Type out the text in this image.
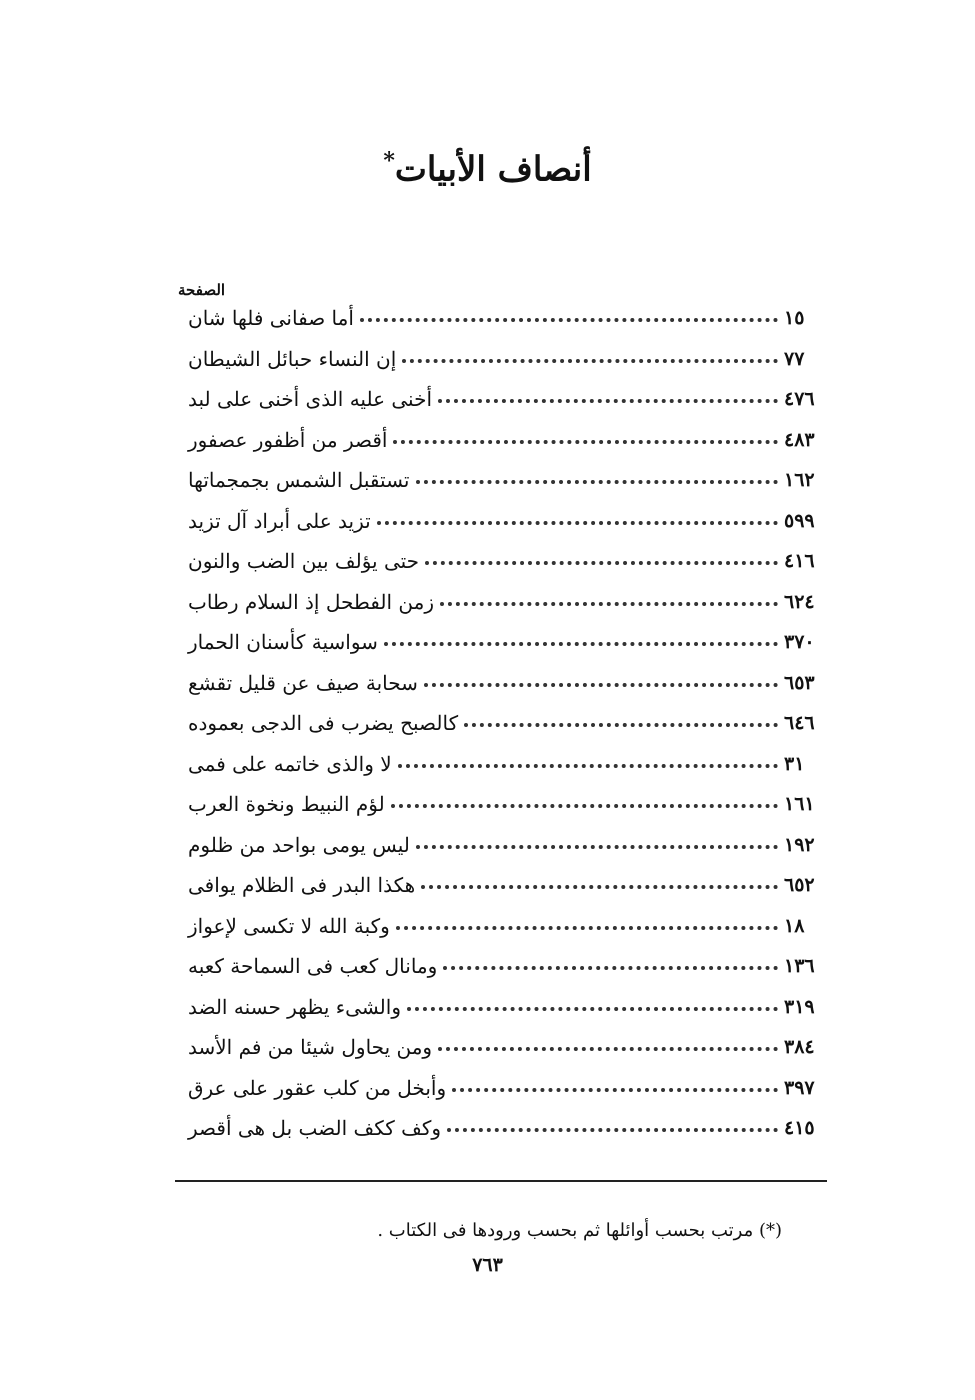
أنصاف الأبيات*
الصفحة
أما صفانى فلها شان	١٥
إن النساء حبائل الشيطان	٧٧
أخنى عليه الذى أخنى على لبد	٤٧٦
أقصر من أظفور عصفور	٤٨٣
تستقبل الشمس بجمجماتها	١٦٢
تزيد على أبراد آل تزيد	٥٩٩
حتى يؤلف بين الضب والنون	٤١٦
زمن الفطحل إذ السلام رطاب	٦٢٤
سواسية كأسنان الحمار	٣٧٠
سحابة صيف عن قليل تقشع	٦٥٣
كالصبح يضرب فى الدجى بعموده	٦٤٦
لا والذى خاتمه على فمى	٣١
لؤم النبيط ونخوة العرب	١٦١
ليس يومى بواحد من ظلوم	١٩٢
هكذا البدر فى الظلام يوافى	٦٥٢
وكبة الله لا تكسى لإعواز	١٨
ومانال كعب فى السماحة كعبه	١٣٦
والشىء يظهر حسنه الضد	٣١٩
ومن يحاول شيئا من فم الأسد	٣٨٤
وأبخل من كلب عقور على عرق	٣٩٧
وكف ككف الضب بل هى أقصر	٤١٥
(*) مرتب بحسب أوائلها ثم بحسب ورودها فى الكتاب .
٧٦٣
